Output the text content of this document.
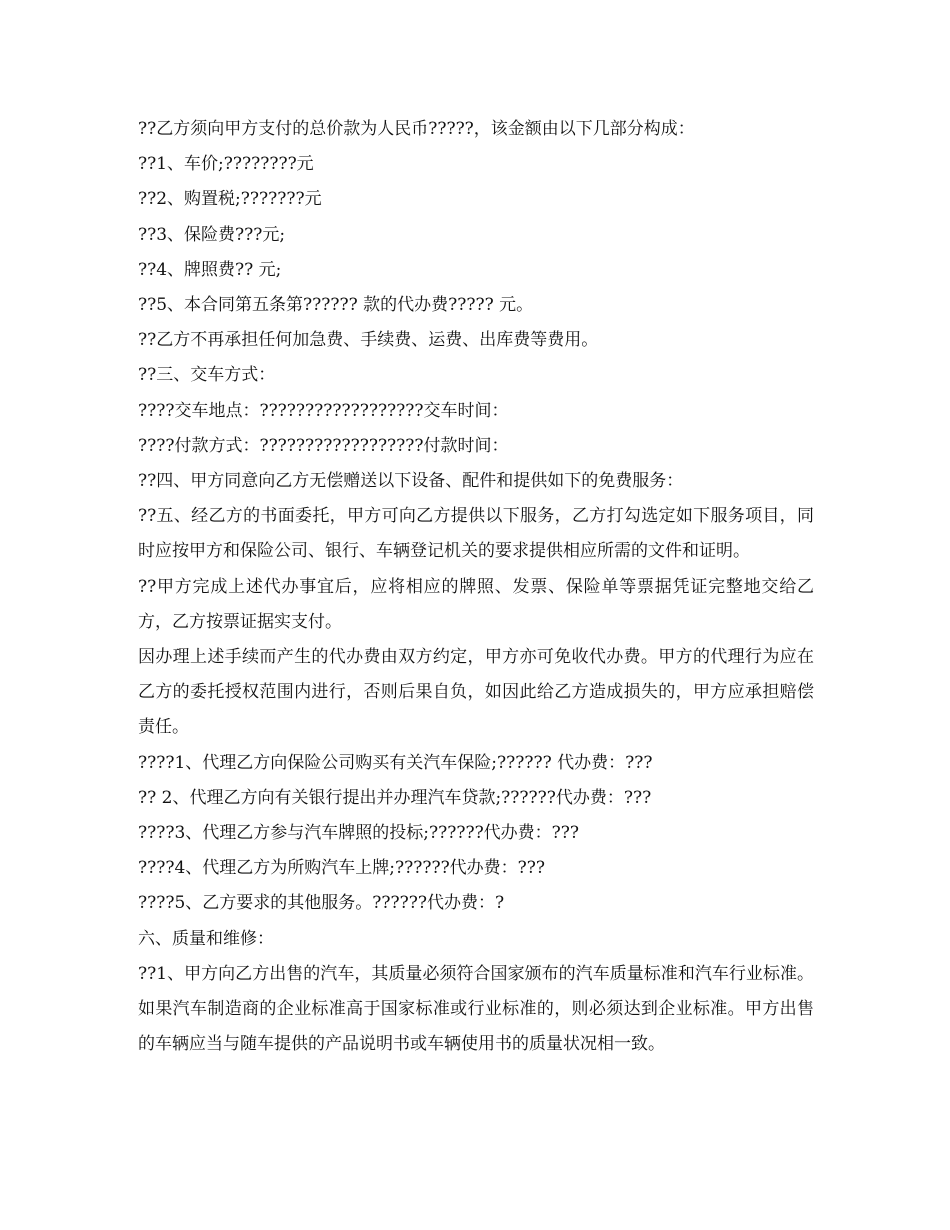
??乙方须向甲方支付的总价款为人民币?????，该金额由以下几部分构成：

??1、车价;????????元

??2、购置税;???????元

??3、保险费???元;

??4、牌照费?? 元;

??5、本合同第五条第?????? 款的代办费????? 元。

??乙方不再承担任何加急费、手续费、运费、出库费等费用。

??三、交车方式：

????交车地点：??????????????????交车时间：

????付款方式：??????????????????付款时间：

??四、甲方同意向乙方无偿赠送以下设备、配件和提供如下的免费服务：

??五、经乙方的书面委托，甲方可向乙方提供以下服务，乙方打勾选定如下服务项目，同时应按甲方和保险公司、银行、车辆登记机关的要求提供相应所需的文件和证明。

??甲方完成上述代办事宜后，应将相应的牌照、发票、保险单等票据凭证完整地交给乙方，乙方按票证据实支付。

因办理上述手续而产生的代办费由双方约定，甲方亦可免收代办费。甲方的代理行为应在乙方的委托授权范围内进行，否则后果自负，如因此给乙方造成损失的，甲方应承担赔偿责任。

????1、代理乙方向保险公司购买有关汽车保险;?????? 代办费：???

?? 2、代理乙方向有关银行提出并办理汽车贷款;??????代办费：???

????3、代理乙方参与汽车牌照的投标;??????代办费：???

????4、代理乙方为所购汽车上牌;??????代办费：???

????5、乙方要求的其他服务。??????代办费：?

六、质量和维修：

??1、甲方向乙方出售的汽车，其质量必须符合国家颁布的汽车质量标准和汽车行业标准。如果汽车制造商的企业标准高于国家标准或行业标准的，则必须达到企业标准。甲方出售的车辆应当与随车提供的产品说明书或车辆使用书的质量状况相一致。
